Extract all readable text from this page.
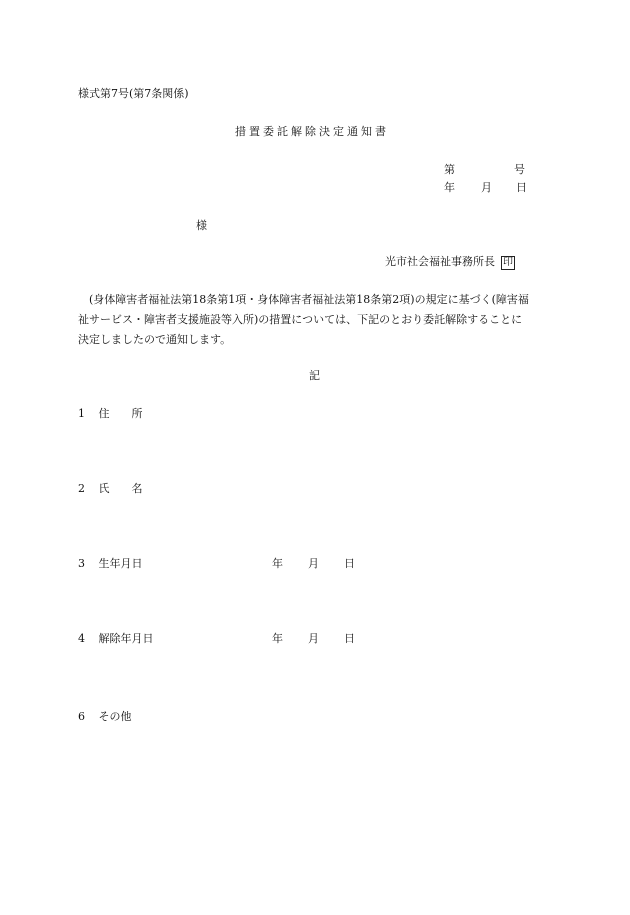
様式第7号(第7条関係)
措置委託解除決定通知書
第	号
年 月 日
様
光市社会福祉事務所長 印
(身体障害者福祉法第18条第1項・身体障害者福祉法第18条第2項)の規定に基づく(障害福
祉サービス・障害者支援施設等入所)の措置については、下記のとおり委託解除することに
決定しましたので通知します。
記
1 住　　所
2 氏　　名
3 生年月日	年 月 日
4 解除年月日	年 月 日
6 その他
